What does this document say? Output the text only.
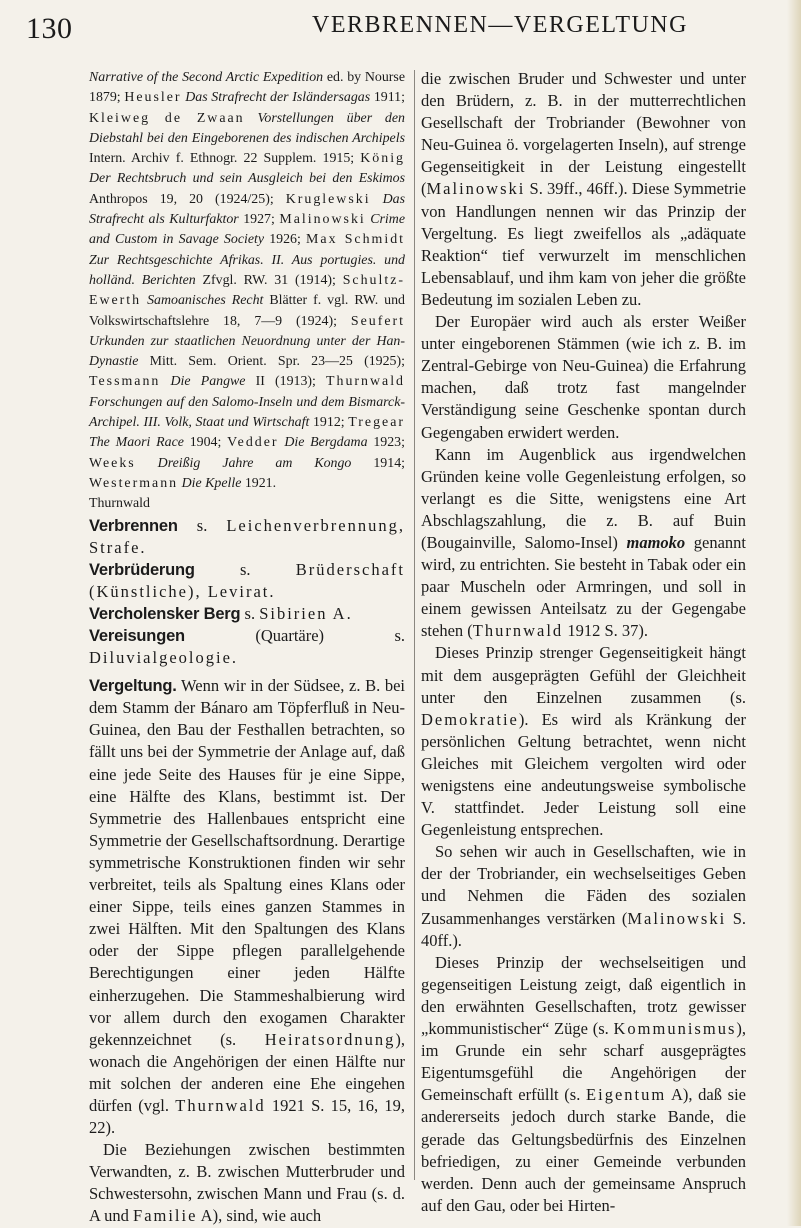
130	VERBRENNEN—VERGELTUNG

Narrative of the Second Arctic Expedition ed. by Nourse 1879; Heusler Das Strafrecht der Isländersagas 1911; Kleiweg de Zwaan Vorstellungen über den Diebstahl bei den Eingeborenen des indischen Archipels Intern. Archiv f. Ethnogr. 22 Supplem. 1915; König Der Rechtsbruch und sein Ausgleich bei den Eskimos Anthropos 19, 20 (1924/25); Kruglewski Das Strafrecht als Kulturfaktor 1927; Malinowski Crime and Custom in Savage Society 1926; Max Schmidt Zur Rechtsgeschichte Afrikas. II. Aus portugies. und holländ. Berichten Zfvgl. RW. 31 (1914); Schultz-Ewerth Samoanisches Recht Blätter f. vgl. RW. und Volkswirtschaftslehre 18, 7—9 (1924); Seufert Urkunden zur staatlichen Neuordnung unter der Han-Dynastie Mitt. Sem. Orient. Spr. 23—25 (1925); Tessmann Die Pangwe II (1913); Thurnwald Forschungen auf den Salomo-Inseln und dem Bismarck-Archipel. III. Volk, Staat und Wirtschaft 1912; Tregear The Maori Race 1904; Vedder Die Bergdama 1923; Weeks Dreißig Jahre am Kongo 1914; Westermann Die Kpelle 1921.

Thurnwald

Verbrennen s. Leichenverbrennung, Strafe.

Verbrüderung s. Brüderschaft (Künstliche), Levirat.

Vercholensker Berg s. Sibirien A.

Vereisungen (Quartäre) s. Diluvialgeologie.

Vergeltung. Wenn wir in der Südsee, z. B. bei dem Stamm der Bánaro am Töpferfluß in Neu-Guinea, den Bau der Festhallen betrachten, so fällt uns bei der Symmetrie der Anlage auf, daß eine jede Seite des Hauses für je eine Sippe, eine Hälfte des Klans, bestimmt ist. Der Symmetrie des Hallenbaues entspricht eine Symmetrie der Gesellschaftsordnung. Derartige symmetrische Konstruktionen finden wir sehr verbreitet, teils als Spaltung eines Klans oder einer Sippe, teils eines ganzen Stammes in zwei Hälften. Mit den Spaltungen des Klans oder der Sippe pflegen parallelgehende Berechtigungen einer jeden Hälfte einherzugehen. Die Stammeshalbierung wird vor allem durch den exogamen Charakter gekennzeichnet (s. Heiratsordnung), wonach die Angehörigen der einen Hälfte nur mit solchen der anderen eine Ehe eingehen dürfen (vgl. Thurnwald 1921 S. 15, 16, 19, 22).

Die Beziehungen zwischen bestimmten Verwandten, z. B. zwischen Mutterbruder und Schwestersohn, zwischen Mann und Frau (s. d. A und Familie A), sind, wie auch

die zwischen Bruder und Schwester und unter den Brüdern, z. B. in der mutterrechtlichen Gesellschaft der Trobriander (Bewohner von Neu-Guinea ö. vorgelagerten Inseln), auf strenge Gegenseitigkeit in der Leistung eingestellt (Malinowski S. 39ff., 46ff.). Diese Symmetrie von Handlungen nennen wir das Prinzip der Vergeltung. Es liegt zweifellos als „adäquate Reaktion“ tief verwurzelt im menschlichen Lebensablauf, und ihm kam von jeher die größte Bedeutung im sozialen Leben zu.

Der Europäer wird auch als erster Weißer unter eingeborenen Stämmen (wie ich z. B. im Zentral-Gebirge von Neu-Guinea) die Erfahrung machen, daß trotz fast mangelnder Verständigung seine Geschenke spontan durch Gegengaben erwidert werden.

Kann im Augenblick aus irgendwelchen Gründen keine volle Gegenleistung erfolgen, so verlangt es die Sitte, wenigstens eine Art Abschlagszahlung, die z. B. auf Buin (Bougainville, Salomo-Insel) mamoko genannt wird, zu entrichten. Sie besteht in Tabak oder ein paar Muscheln oder Armringen, und soll in einem gewissen Anteilsatz zu der Gegengabe stehen (Thurnwald 1912 S. 37).

Dieses Prinzip strenger Gegenseitigkeit hängt mit dem ausgeprägten Gefühl der Gleichheit unter den Einzelnen zusammen (s. Demokratie). Es wird als Kränkung der persönlichen Geltung betrachtet, wenn nicht Gleiches mit Gleichem vergolten wird oder wenigstens eine andeutungsweise symbolische V. stattfindet. Jeder Leistung soll eine Gegenleistung entsprechen.

So sehen wir auch in Gesellschaften, wie in der der Trobriander, ein wechselseitiges Geben und Nehmen die Fäden des sozialen Zusammenhanges verstärken (Malinowski S. 40ff.).

Dieses Prinzip der wechselseitigen und gegenseitigen Leistung zeigt, daß eigentlich in den erwähnten Gesellschaften, trotz gewisser „kommunistischer“ Züge (s. Kommunismus), im Grunde ein sehr scharf ausgeprägtes Eigentumsgefühl die Angehörigen der Gemeinschaft erfüllt (s. Eigentum A), daß sie andererseits jedoch durch starke Bande, die gerade das Geltungsbedürfnis des Einzelnen befriedigen, zu einer Gemeinde verbunden werden. Denn auch der gemeinsame Anspruch auf den Gau, oder bei Hirten-
